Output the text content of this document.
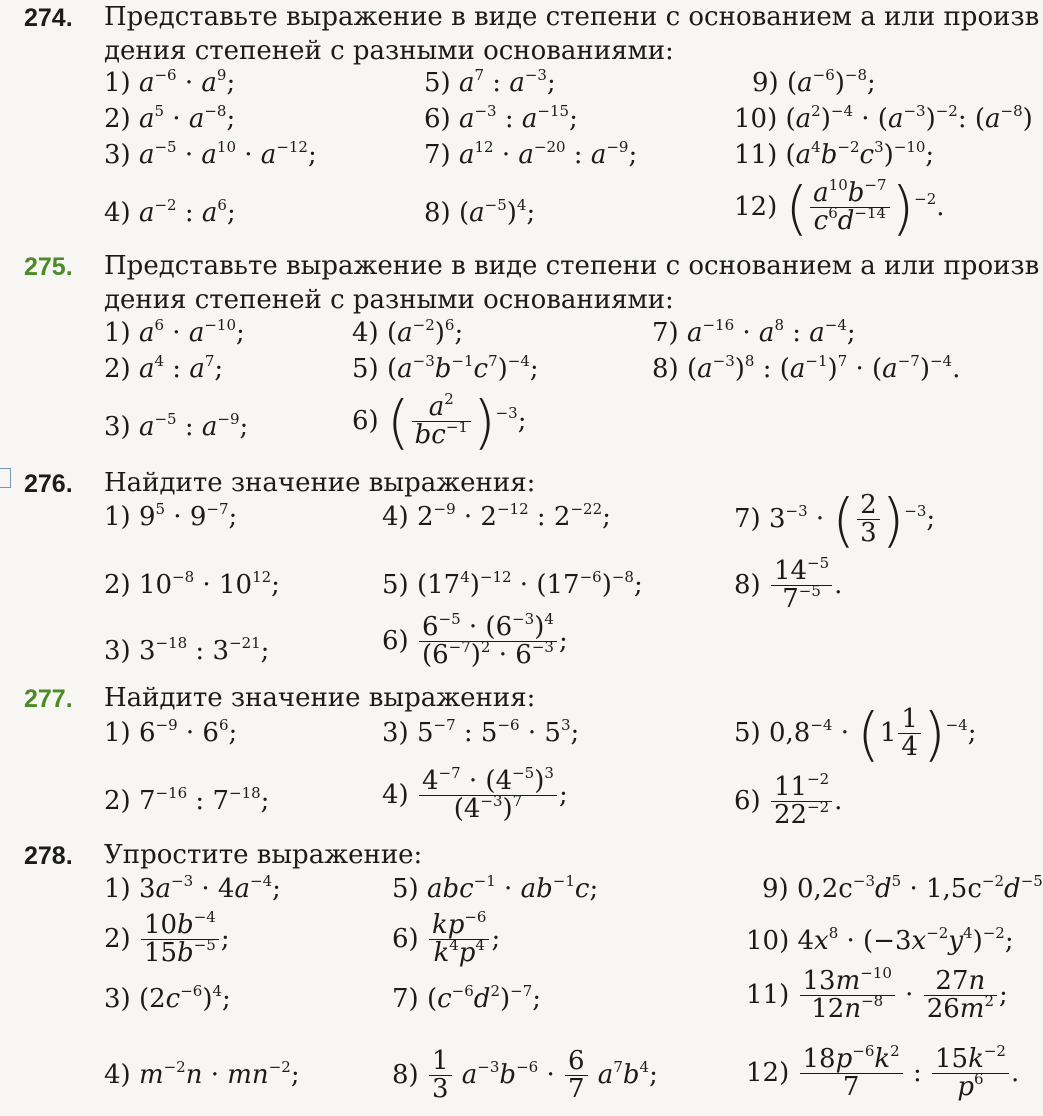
274. Представьте выражение в виде степени с основанием a или произв
дения степеней с разными основаниями:
1) $a^{-6} \cdot a^9$;
2) $a^5 \cdot a^{-8}$;
3) $a^{-5} \cdot a^{10} \cdot a^{-12}$;
4) $a^{-2}$ : $a^6$;
5) $a^7$ : $a^{-3}$;
6) $a^{-3}$ : $a^{-15}$;
7) $a^{12} \cdot a^{-20}$ : $a^{-9}$;
8) $(a^{-5})^4$;
9) $(a^{-6})^{-8}$;
10) $(a^2)^{-4} \cdot (a^{-3})^{-2}$: $(a^{-8})$
11) $(a^4b^{-2}c^3)^{-10}$;
12) ( $\frac{a^{10}b^{-7}}{c^6d^{-14}} )^{-2}$.
275. Представьте выражение в виде степени с основанием a или произв
дения степеней с разными основаниями:
1) $a^6 \cdot a^{-10}$;
2) $a^4$ : $a^7$;
3) $a^{-5}$ : $a^{-9}$;
4) $(a^{-2})^6$;
5) $(a^{-3}b^{-1}c^7)^{-4}$;
6) ( $\frac{a^2}{bc^{-1}} )^{-3}$;
7) $a^{-16} \cdot a^8$ : $a^{-4}$;
8) $(a^{-3})^8$ : $(a^{-1})^7 \cdot (a^{-7})^{-4}$.
276. Найдите значение выражения:
1) $9^5 \cdot 9^{-7}$;
2) $10^{-8} \cdot 10^{12}$;
3) $3^{-18}$ : $3^{-21}$;
4) $2^{-9} \cdot 2^{-12}$ : $2^{-22}$;
5) $(17^4)^{-12} \cdot (17^{-6})^{-8}$;
$6) \frac{6^{-5} \cdot (6^{-3})^4}{(6^{-7})^2 \cdot 6^{-3}}$ ;
7) $3^{-3}$ · ( $\frac{2}{3} )^{-3}$;
$8) \frac{14^{-5}}{7^{-5}}$ .
277. Найдите значение выражения:
1) $6^{-9} \cdot 6^6$;
2) $7^{-16}$ : $7^{-18}$;
3) $5^{-7}$ : $5^{-6} \cdot 5^3$;
$4) \frac{4^{-7} \cdot (4^{-5})^3}{(4^{-3})^7}$ ;
5) $0,8^{-4} \cdot (1 \frac{1}{4} )^{-4}$;
$6) \frac{11^{-2}}{22^{-2}}$ .
278. Упростите выражение:
1) $3a^{-3} \cdot 4a^{-4}$;
$2) \frac{10b^{-4}}{15b^{-5}}$ ;
3) $(2c^{-6})^4$;
4) $m^{-2}n \cdot mn^{-2}$;
5) $abc^{-1} \cdot ab^{-1}c$;
$6) \frac{kp^{-6}}{k^4p^4}$ ;
7) $(c^{-6}d^2)^{-7}$;
$8) \frac{1}{3} a^{-3}b^{-6} \cdot \frac{6}{7} a^7b^4$;
9) $0,2c^{-3}d^5 \cdot 1,5c^{-2}d^{-5}$
10) $4x^8 \cdot (-3x^{-2}y^4)^{-2}$;
$11) \frac{13m^{-10}}{12n^{-8}} \cdot \frac{27n}{26m^2}$ ;
$12) \frac{18p^{-6}k^2}{7}$ : $\frac{15k^{-2}}{p^6}$ .
